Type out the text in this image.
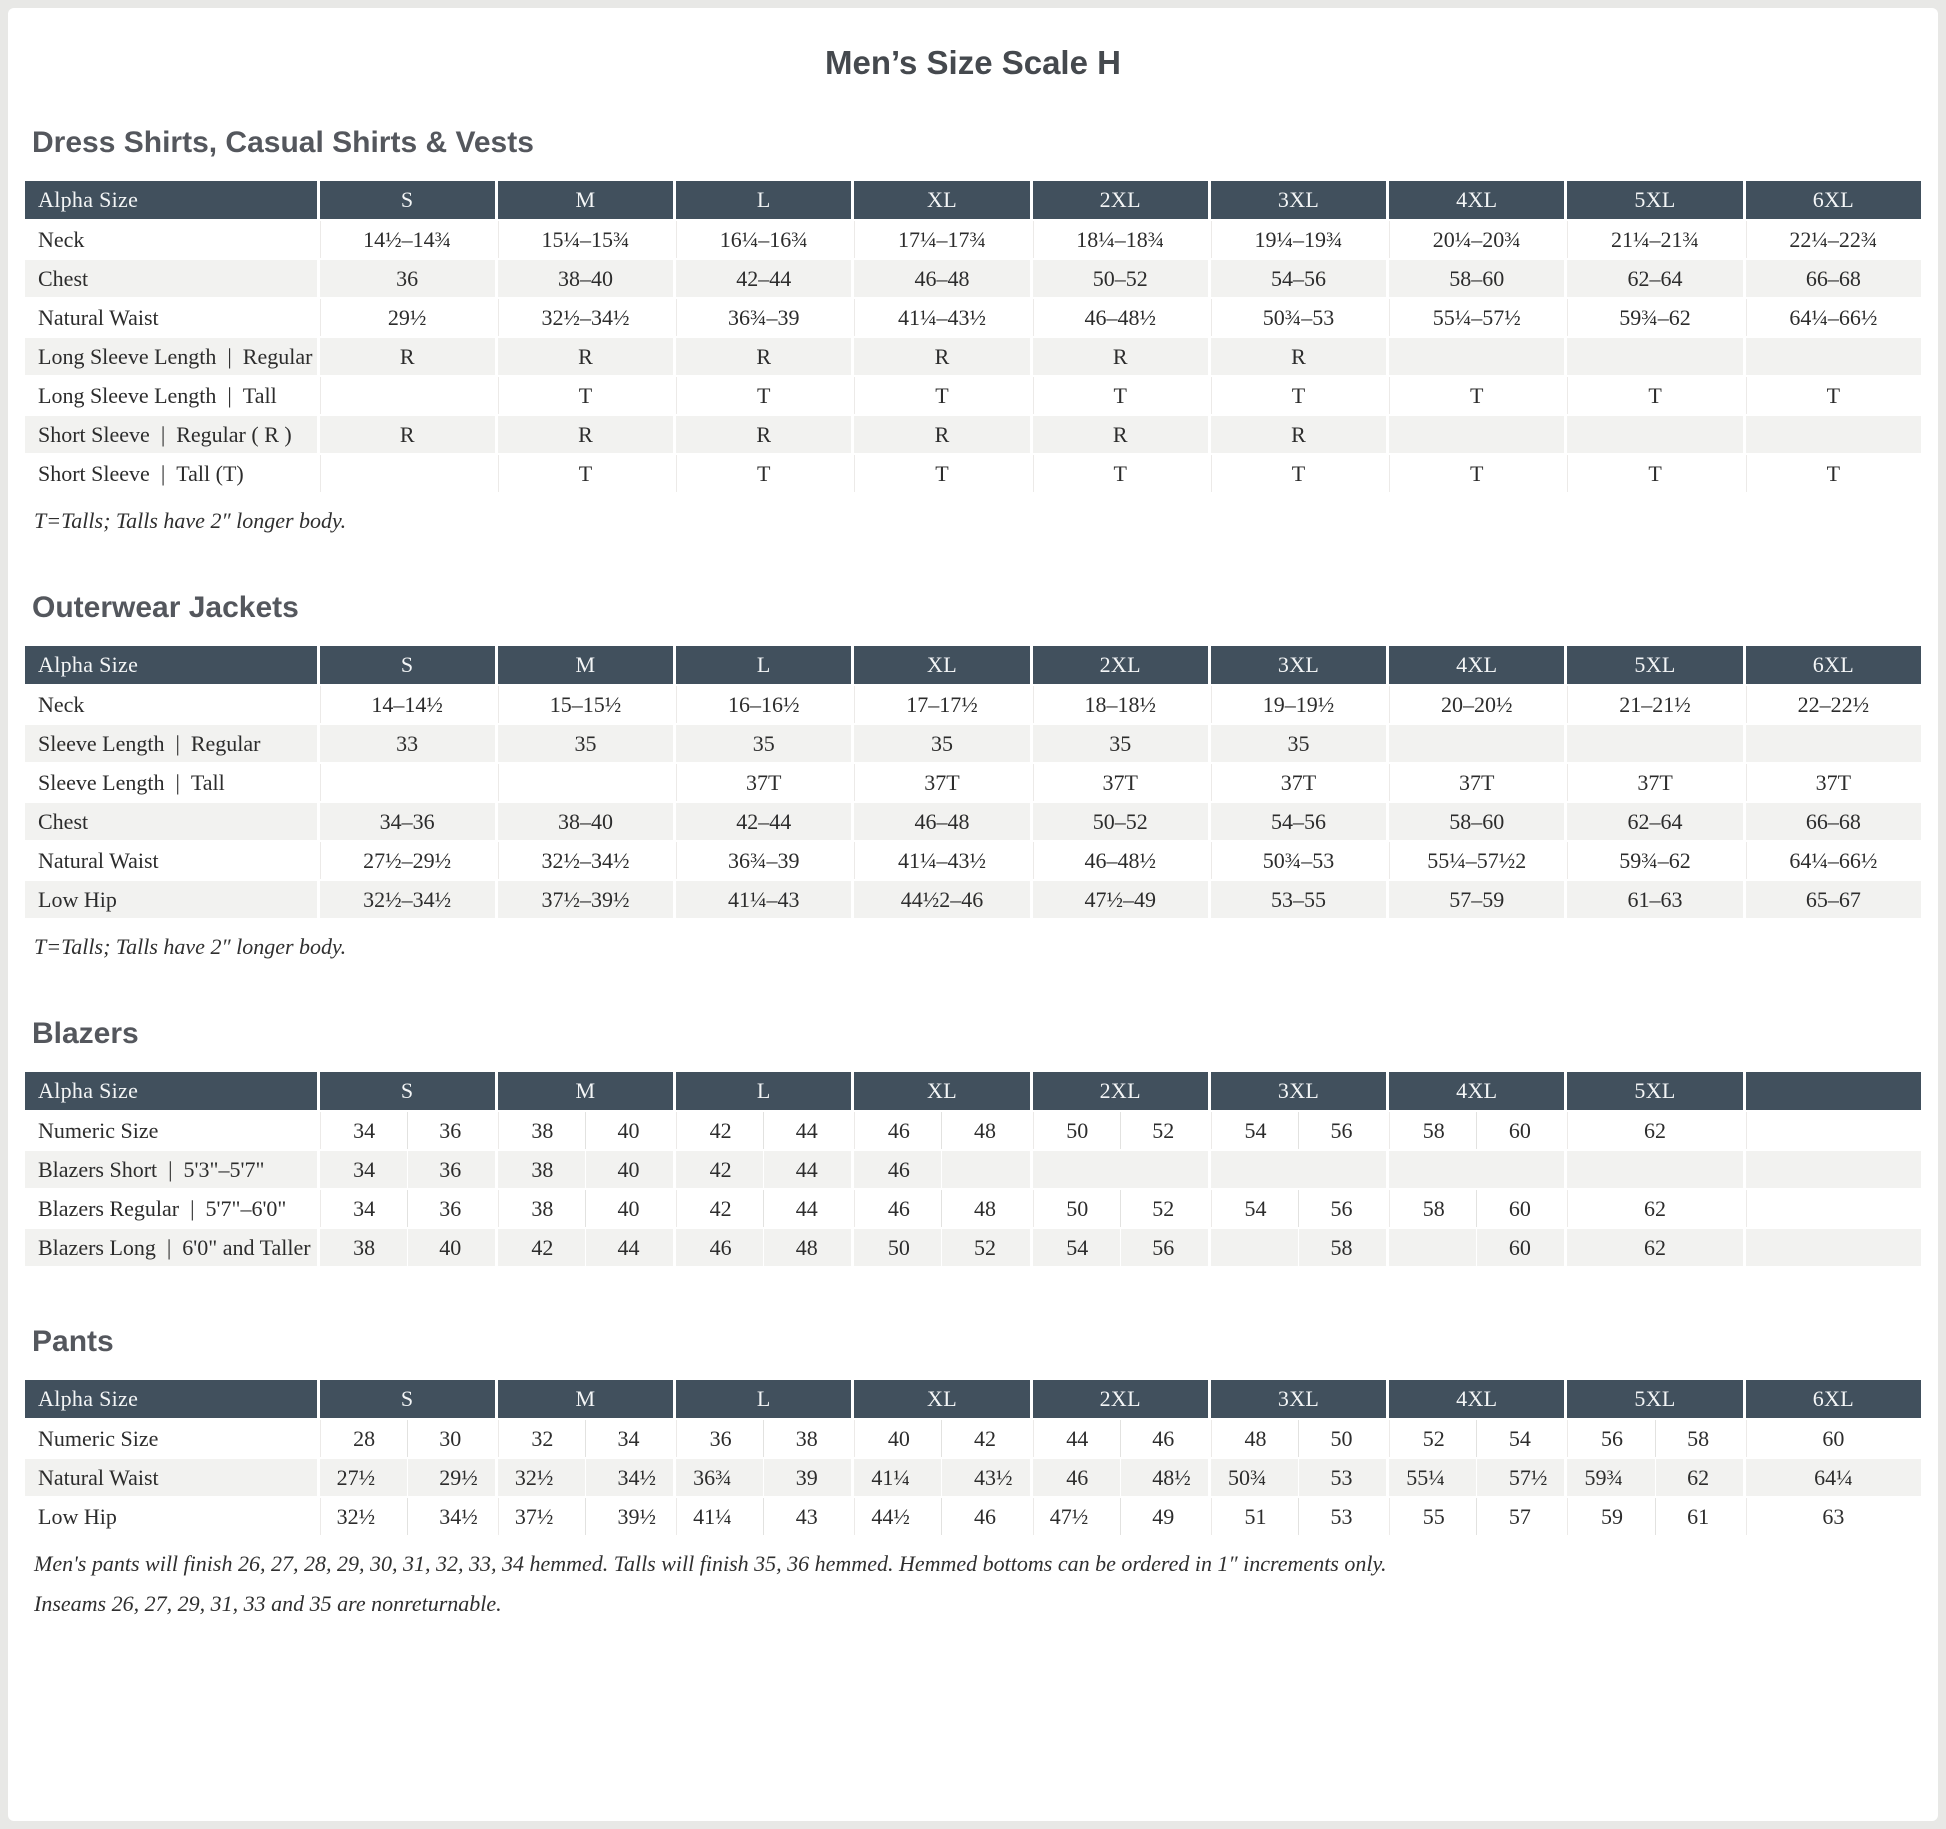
Men’s Size Scale H
Dress Shirts, Casual Shirts & Vests
Alpha Size	S	M	L	XL	2XL	3XL	4XL	5XL	6XL
Neck	14½–14¾	15¼–15¾	16¼–16¾	17¼–17¾	18¼–18¾	19¼–19¾	20¼–20¾	21¼–21¾	22¼–22¾
Chest	36	38–40	42–44	46–48	50–52	54–56	58–60	62–64	66–68
Natural Waist	29½	32½–34½	36¾–39	41¼–43½	46–48½	50¾–53	55¼–57½	59¾–62	64¼–66½
Long Sleeve Length | Regular	R	R	R	R	R	R			
Long Sleeve Length | Tall		T	T	T	T	T	T	T	T
Short Sleeve | Regular ( R )	R	R	R	R	R	R			
Short Sleeve | Tall (T)		T	T	T	T	T	T	T	T

T=Talls; Talls have 2″ longer body.

Outerwear Jackets
Alpha Size	S	M	L	XL	2XL	3XL	4XL	5XL	6XL
Neck	14–14½	15–15½	16–16½	17–17½	18–18½	19–19½	20–20½	21–21½	22–22½
Sleeve Length | Regular	33	35	35	35	35	35			
Sleeve Length | Tall			37T	37T	37T	37T	37T	37T	37T
Chest	34–36	38–40	42–44	46–48	50–52	54–56	58–60	62–64	66–68
Natural Waist	27½–29½	32½–34½	36¾–39	41¼–43½	46–48½	50¾–53	55¼–57½2	59¾–62	64¼–66½
Low Hip	32½–34½	37½–39½	41¼–43	44½2–46	47½–49	53–55	57–59	61–63	65–67

T=Talls; Talls have 2″ longer body.

Blazers
Alpha Size	S	M	L	XL	2XL	3XL	4XL	5XL	
Numeric Size	34 36	38 40	42 44	46 48	50 52	54 56	58 60	62	
Blazers Short | 5'3"–5'7"	34 36	38 40	42 44	46					

Blazers Regular | 5'7"–6'0"	34 36	38 40	42 44	46 48	50 52	54 56	58 60	62	
Blazers Long | 6'0" and Taller	38 40	42 44	46 48	50 52	54 56	58	60	62	
Pants
Alpha Size	S	M	L	XL	2XL	3XL	4XL	5XL	6XL
Numeric Size	28 30	32 34	36 38	40 42	44 46	48 50	52 54	56 58	60
Natural Waist	27½ 29½	32½ 34½	36¾ 39	41¼ 43½	46 48½	50¾ 53	55¼ 57½	59¾ 62	64¼
Low Hip	32½ 34½	37½ 39½	41¼ 43	44½ 46	47½ 49	51 53	55 57	59 61	63

Men's pants will finish 26, 27, 28, 29, 30, 31, 32, 33, 34 hemmed. Talls will finish 35, 36 hemmed. Hemmed bottoms can be ordered in 1″ increments only.

Inseams 26, 27, 29, 31, 33 and 35 are nonreturnable.
